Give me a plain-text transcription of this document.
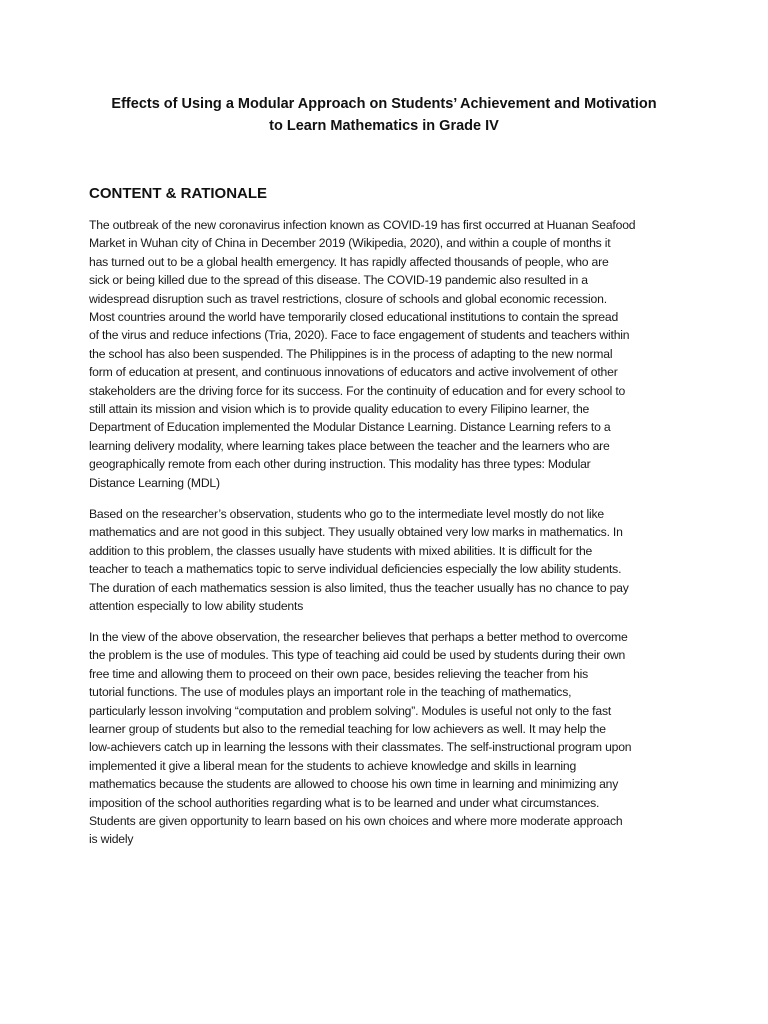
Effects of Using a Modular Approach on Students’ Achievement and Motivation
to Learn Mathematics in Grade IV
CONTENT & RATIONALE

The outbreak of the new coronavirus infection known as COVID-19 has first occurred at Huanan Seafood
Market in Wuhan city of China in December 2019 (Wikipedia, 2020), and within a couple of months it
has turned out to be a global health emergency. It has rapidly affected thousands of people, who are
sick or being killed due to the spread of this disease. The COVID-19 pandemic also resulted in a
widespread disruption such as travel restrictions, closure of schools and global economic recession.
Most countries around the world have temporarily closed educational institutions to contain the spread
of the virus and reduce infections (Tria, 2020). Face to face engagement of students and teachers within
the school has also been suspended. The Philippines is in the process of adapting to the new normal
form of education at present, and continuous innovations of educators and active involvement of other
stakeholders are the driving force for its success. For the continuity of education and for every school to
still attain its mission and vision which is to provide quality education to every Filipino learner, the
Department of Education implemented the Modular Distance Learning. Distance Learning refers to a
learning delivery modality, where learning takes place between the teacher and the learners who are
geographically remote from each other during instruction. This modality has three types: Modular
Distance Learning (MDL)

Based on the researcher’s observation, students who go to the intermediate level mostly do not like
mathematics and are not good in this subject. They usually obtained very low marks in mathematics. In
addition to this problem, the classes usually have students with mixed abilities. It is difficult for the
teacher to teach a mathematics topic to serve individual deficiencies especially the low ability students.
The duration of each mathematics session is also limited, thus the teacher usually has no chance to pay
attention especially to low ability students

In the view of the above observation, the researcher believes that perhaps a better method to overcome
the problem is the use of modules. This type of teaching aid could be used by students during their own
free time and allowing them to proceed on their own pace, besides relieving the teacher from his
tutorial functions. The use of modules plays an important role in the teaching of mathematics,
particularly lesson involving “computation and problem solving”. Modules is useful not only to the fast
learner group of students but also to the remedial teaching for low achievers as well. It may help the
low-achievers catch up in learning the lessons with their classmates. The self-instructional program upon
implemented it give a liberal mean for the students to achieve knowledge and skills in learning
mathematics because the students are allowed to choose his own time in learning and minimizing any
imposition of the school authorities regarding what is to be learned and under what circumstances.
Students are given opportunity to learn based on his own choices and where more moderate approach
is widely
